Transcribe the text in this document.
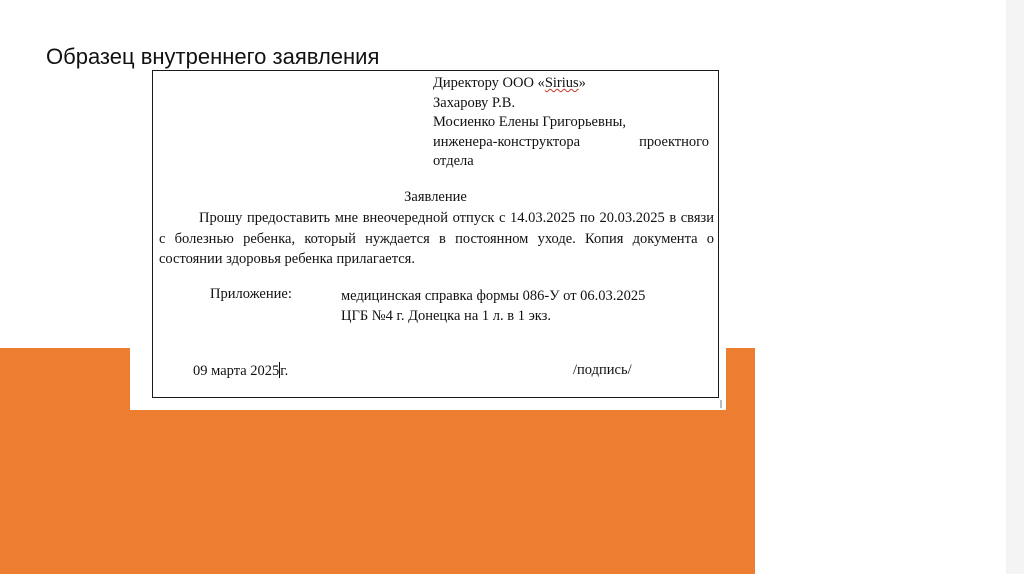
Образец внутреннего заявления
Директору ООО «Sirius»
Захарову Р.В.
Мосиенко Елены Григорьевны,
инженера-конструктора проектного
отдела
Заявление

Прошу предоставить мне внеочередной отпуск с 14.03.2025 по 20.03.2025 в связи с болезнью ребенка, который нуждается в постоянном уходе. Копия документа о состоянии здоровья ребенка прилагается.

Приложение:	медицинская справка формы 086-У от 06.03.2025
ЦГБ №4 г. Донецка на 1 л. в 1 экз.
09 марта 2025г.	/подпись/
